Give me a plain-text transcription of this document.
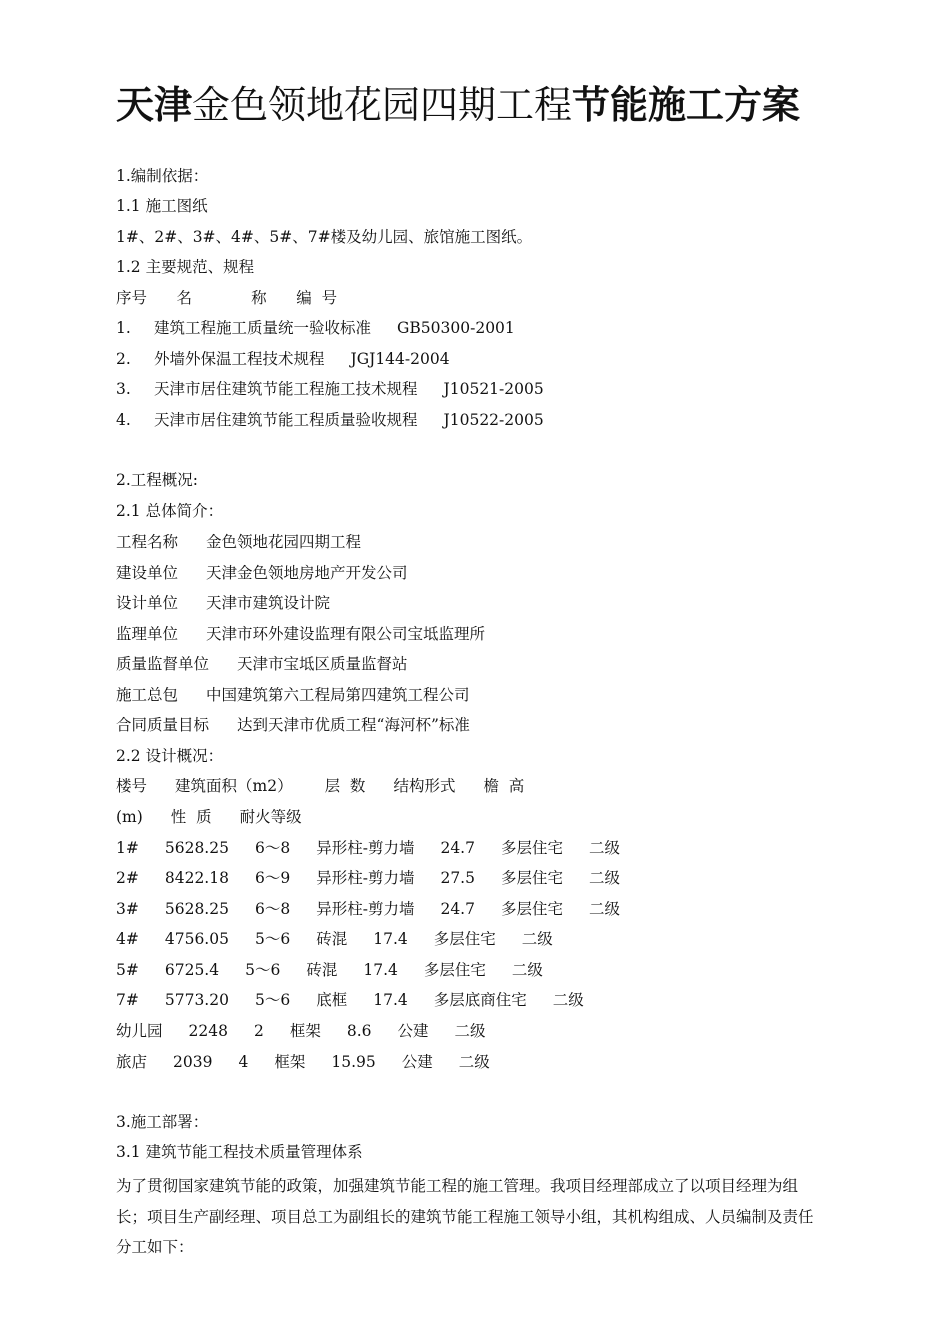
天津金色领地花园四期工程节能施工方案
1.编制依据：
1.1 施工图纸
1#、2#、3#、4#、5#、7#楼及幼儿园、旅馆施工图纸。
1.2 主要规范、规程
序号      名            称      编  号
1. 建筑工程施工质量统一验收标准 GB50300-2001
2. 外墙外保温工程技术规程 JGJ144-2004
3. 天津市居住建筑节能工程施工技术规程 J10521-2005
4. 天津市居住建筑节能工程质量验收规程 J10522-2005
2.工程概况:
2.1 总体简介：
工程名称 金色领地花园四期工程
建设单位 天津金色领地房地产开发公司
设计单位 天津市建筑设计院
监理单位 天津市环外建设监理有限公司宝坻监理所
质量监督单位 天津市宝坻区质量监督站
施工总包 中国建筑第六工程局第四建筑工程公司
合同质量目标 达到天津市优质工程“海河杯”标准
2.2 设计概况：
楼号 建筑面积（m2） 层  数 结构形式 檐  高
(m) 性  质 耐火等级
1# 5628.25 6～8 异形柱-剪力墙 24.7 多层住宅 二级
2# 8422.18 6～9 异形柱-剪力墙 27.5 多层住宅 二级
3# 5628.25 6～8 异形柱-剪力墙 24.7 多层住宅 二级
4# 4756.05 5～6 砖混 17.4 多层住宅 二级
5# 6725.4 5～6 砖混 17.4 多层住宅 二级
7# 5773.20 5～6 底框 17.4 多层底商住宅 二级
幼儿园 2248 2 框架 8.6 公建 二级
旅店 2039 4 框架 15.95 公建 二级
3.施工部署：
3.1 建筑节能工程技术质量管理体系
为了贯彻国家建筑节能的政策，加强建筑节能工程的施工管理。我项目经理部成立了以项目经理为组长；项目生产副经理、项目总工为副组长的建筑节能工程施工领导小组，其机构组成、人员编制及责任分工如下：
